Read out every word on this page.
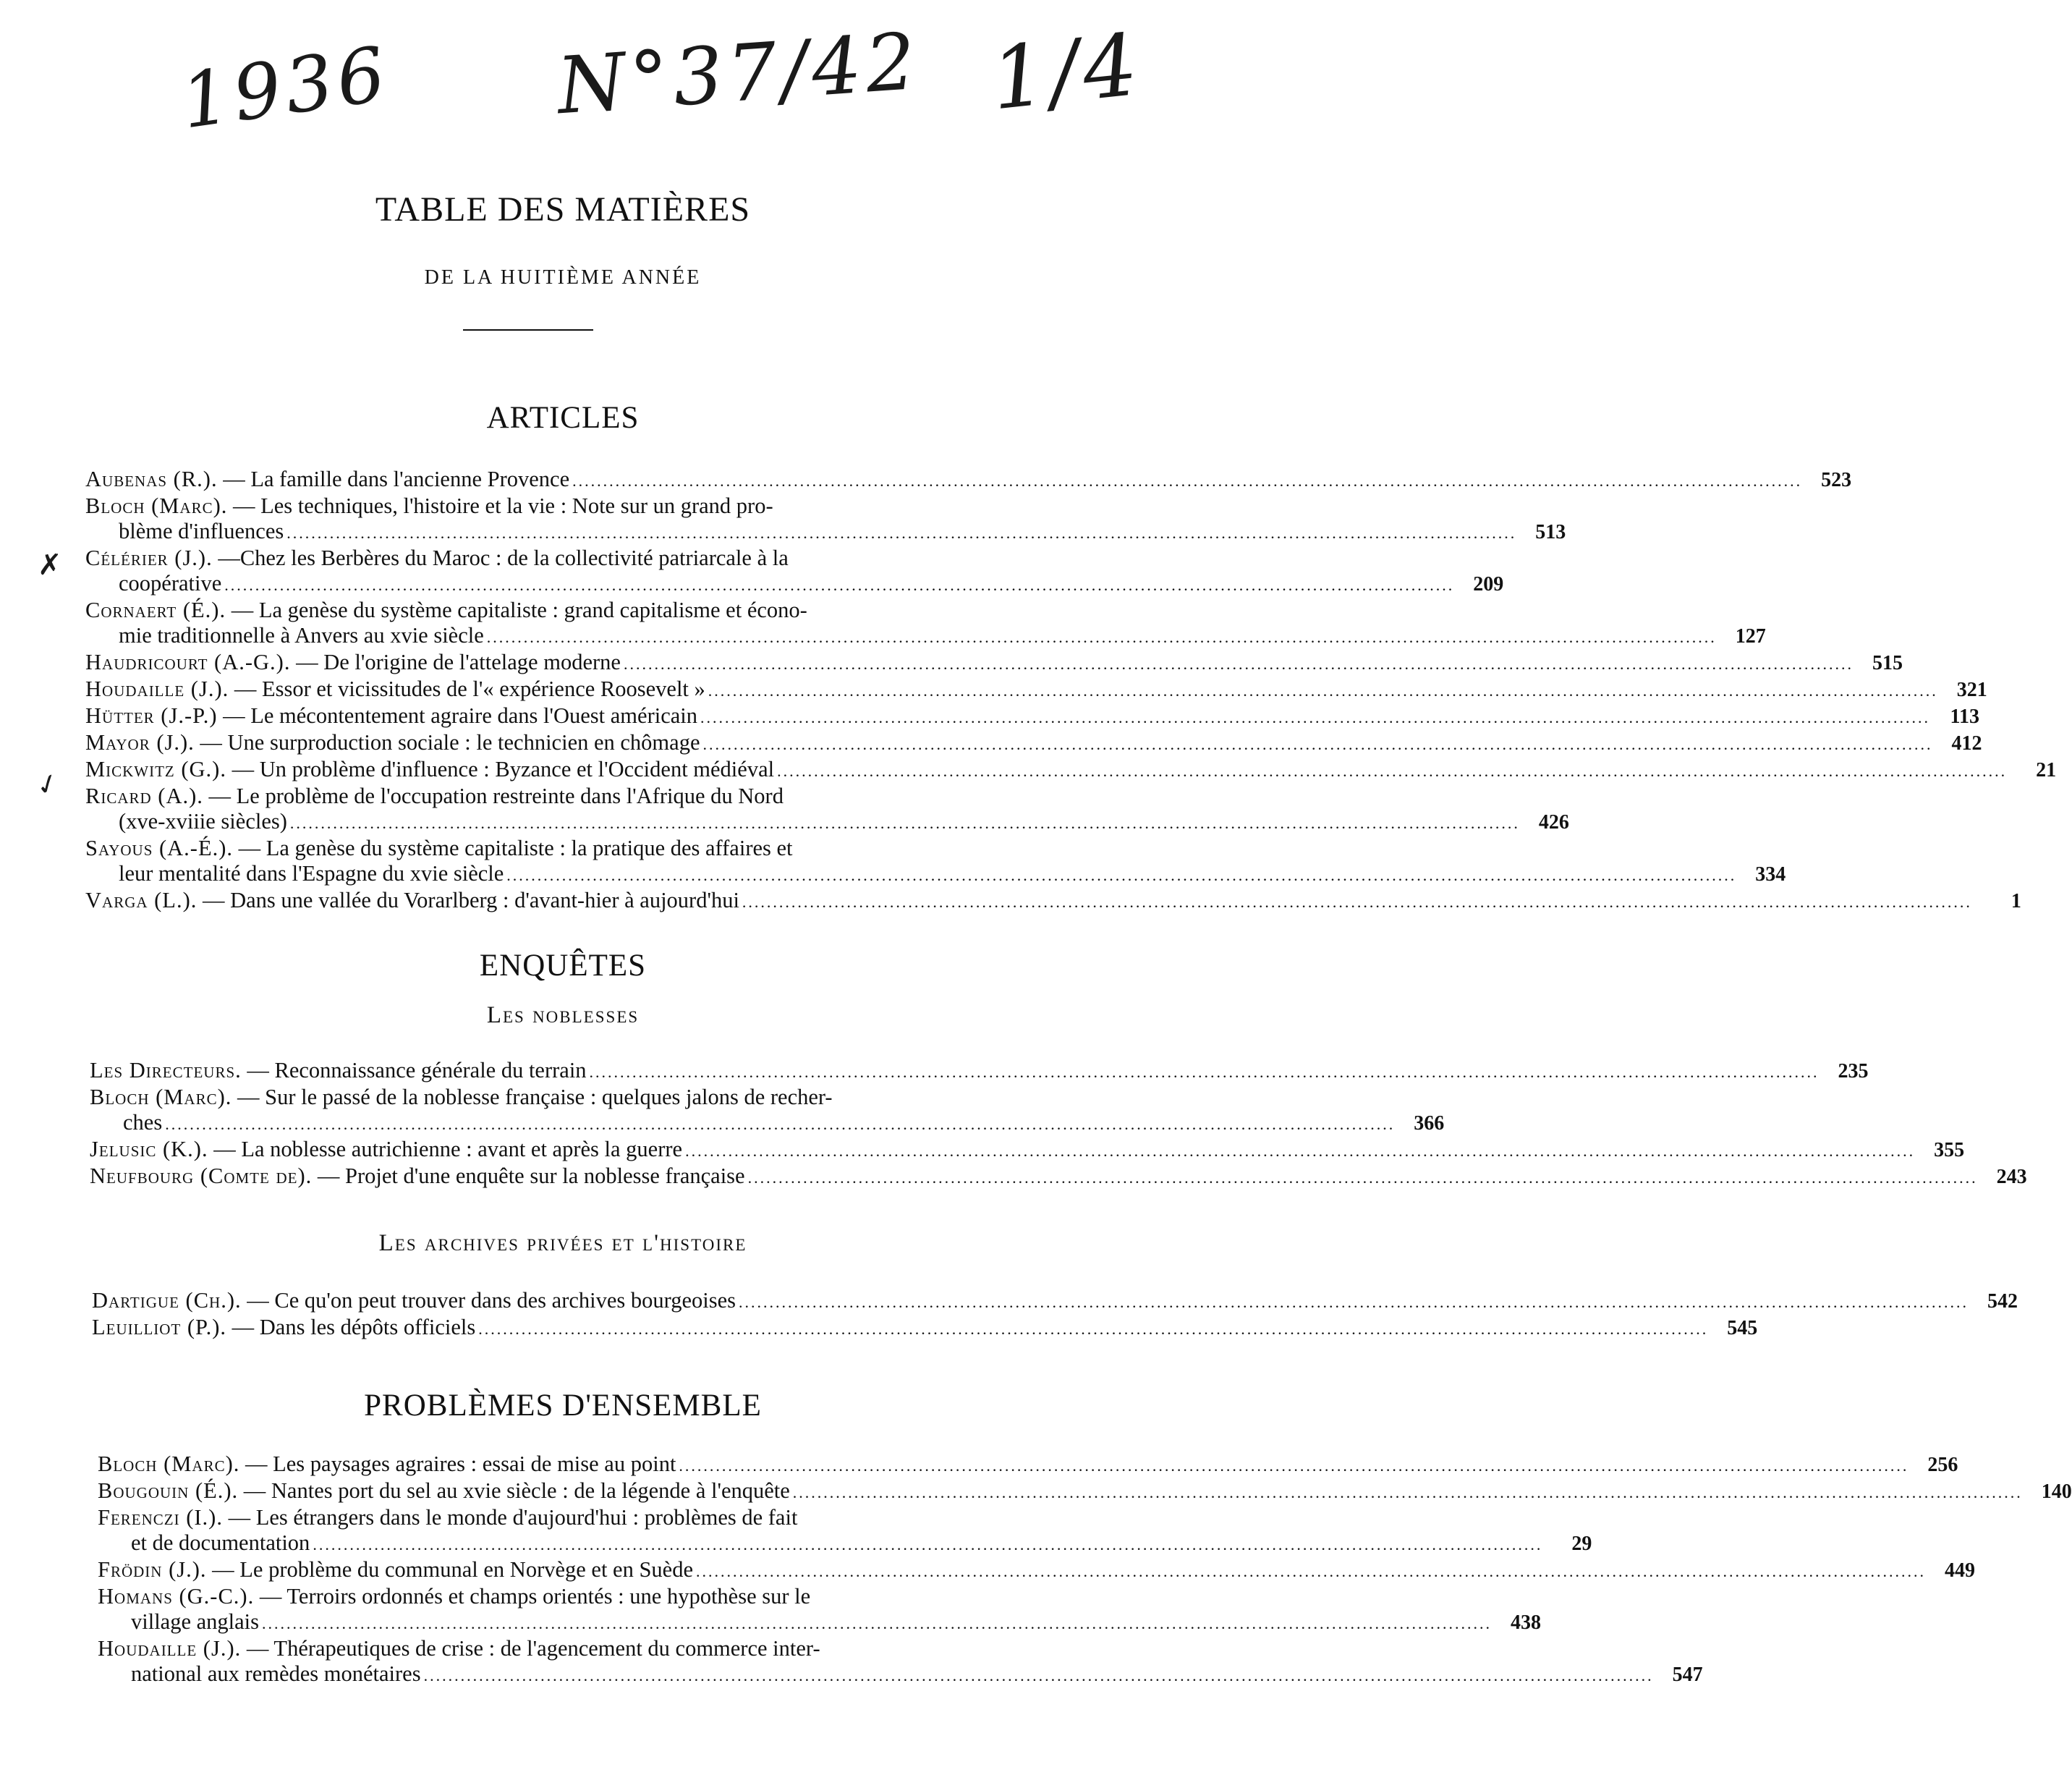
1936 N°37/42 1/4
TABLE DES MATIÈRES
DE LA HUITIÈME ANNÉE
ARTICLES
Aubenas (R.). — La famille dans l'ancienne Provence ........................................................................................................................................................................................................ 523
Bloch (Marc). — Les techniques, l'histoire et la vie : Note sur un grand pro-
blème d'influences ........................................................................................................................................................................................................ 513
Célérier (J.). —Chez les Berbères du Maroc : de la collectivité patriarcale à la
coopérative ........................................................................................................................................................................................................ 209
Cornaert (É.). — La genèse du système capitaliste : grand capitalisme et écono-
mie traditionnelle à Anvers au xvie siècle ........................................................................................................................................................................................................ 127
Haudricourt (A.-G.). — De l'origine de l'attelage moderne ........................................................................................................................................................................................................ 515
Houdaille (J.). — Essor et vicissitudes de l'« expérience Roosevelt » ........................................................................................................................................................................................................ 321
Hütter (J.-P.) — Le mécontentement agraire dans l'Ouest américain ........................................................................................................................................................................................................ 113
Mayor (J.). — Une surproduction sociale : le technicien en chômage ........................................................................................................................................................................................................ 412
Mickwitz (G.). — Un problème d'influence : Byzance et l'Occident médiéval ........................................................................................................................................................................................................	21
Ricard (A.). — Le problème de l'occupation restreinte dans l'Afrique du Nord
(xve-xviiie siècles) ........................................................................................................................................................................................................ 426
Sayous (A.-É.). — La genèse du système capitaliste : la pratique des affaires et
leur mentalité dans l'Espagne du xvie siècle ........................................................................................................................................................................................................ 334
Varga (L.). — Dans une vallée du Vorarlberg : d'avant-hier à aujourd'hui ........................................................................................................................................................................................................	1
ENQUÊTES
Les noblesses
Les Directeurs. — Reconnaissance générale du terrain ........................................................................................................................................................................................................ 235
Bloch (Marc). — Sur le passé de la noblesse française : quelques jalons de recher-
ches ........................................................................................................................................................................................................ 366
Jelusic (K.). — La noblesse autrichienne : avant et après la guerre ........................................................................................................................................................................................................ 355
Neufbourg (Comte de). — Projet d'une enquête sur la noblesse française ........................................................................................................................................................................................................ 243
Les archives privées et l'histoire
Dartigue (Ch.). — Ce qu'on peut trouver dans des archives bourgeoises ........................................................................................................................................................................................................ 542
Leuilliot (P.). — Dans les dépôts officiels ........................................................................................................................................................................................................ 545
PROBLÈMES D'ENSEMBLE
Bloch (Marc). — Les paysages agraires : essai de mise au point ........................................................................................................................................................................................................ 256
Bougouin (É.). — Nantes port du sel au xvie siècle : de la légende à l'enquête ........................................................................................................................................................................................................ 140
Ferenczi (I.). — Les étrangers dans le monde d'aujourd'hui : problèmes de fait
et de documentation ........................................................................................................................................................................................................	29
Frödin (J.). — Le problème du communal en Norvège et en Suède ........................................................................................................................................................................................................ 449
Homans (G.-C.). — Terroirs ordonnés et champs orientés : une hypothèse sur le
village anglais ........................................................................................................................................................................................................ 438
Houdaille (J.). — Thérapeutiques de crise : de l'agencement du commerce inter-
national aux remèdes monétaires ........................................................................................................................................................................................................ 547
✗
✓
